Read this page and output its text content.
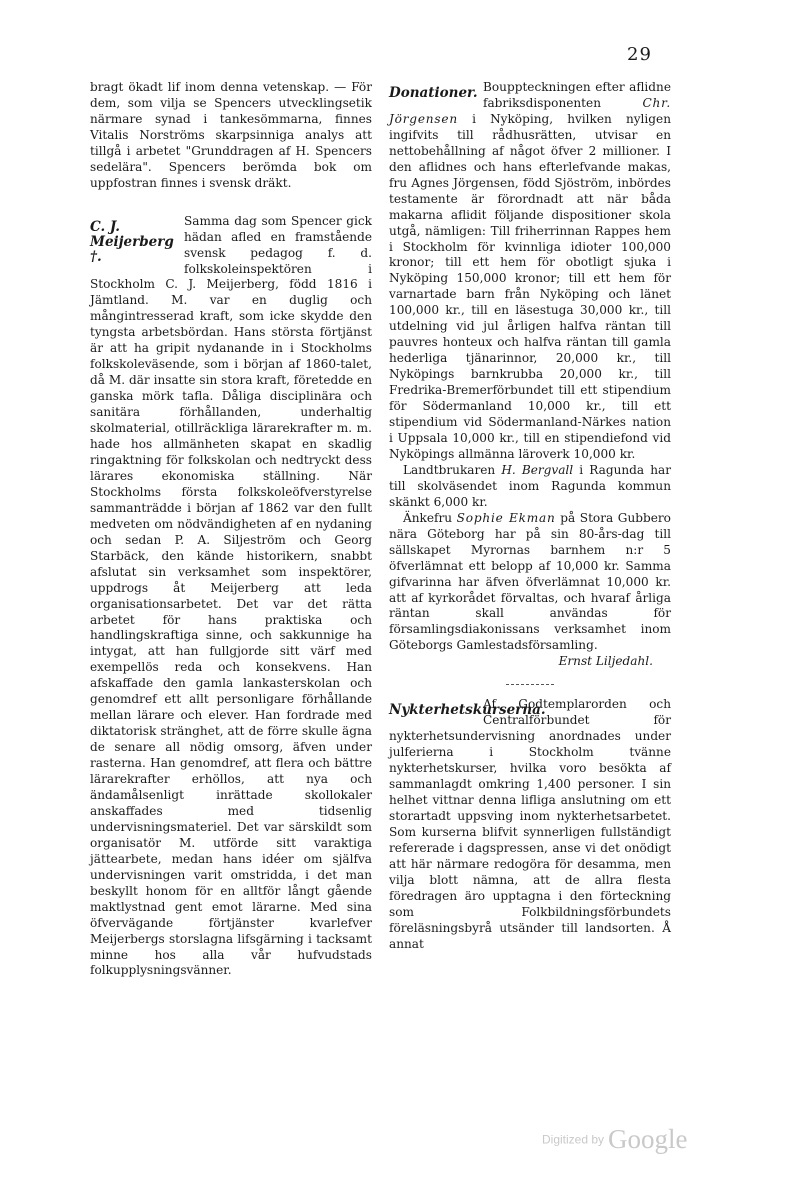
29

bragt ökadt lif inom denna vetenskap. — För dem, som vilja se Spencers utvecklingsetik närmare synad i tankesömmarna, finnes Vitalis Norströms skarpsinniga analys att tillgå i arbetet "Grunddragen af H. Spencers sedelära". Spencers berömda bok om uppfostran finnes i svensk dräkt.

C. J. Meijerberg †.

Samma dag som Spencer gick hädan afled en framstående svensk pedagog f. d. folkskoleinspektören i Stockholm C. J. Meijerberg, född 1816 i Jämtland. M. var en duglig och mångintresserad kraft, som icke skydde den tyngsta arbetsbördan. Hans största förtjänst är att ha gripit nydanande in i Stockholms folkskoleväsende, som i början af 1860-talet, då M. där insatte sin stora kraft, företedde en ganska mörk tafla. Dåliga disciplinära och sanitära förhållanden, underhaltig skolmaterial, otillräckliga lärarekrafter m. m. hade hos allmänheten skapat en skadlig ringaktning för folkskolan och nedtryckt dess lärares ekonomiska ställning. När Stockholms första folkskoleöfverstyrelse sammanträdde i början af 1862 var den fullt medveten om nödvändigheten af en nydaning och sedan P. A. Siljeström och Georg Starbäck, den kände historikern, snabbt afslutat sin verksamhet som inspektörer, uppdrogs åt Meijerberg att leda organisationsarbetet. Det var det rätta arbetet för hans praktiska och handlingskraftiga sinne, och sakkunnige ha intygat, att han fullgjorde sitt värf med exempellös reda och konsekvens. Han afskaffade den gamla lankasterskolan och genomdref ett allt personligare förhållande mellan lärare och elever. Han fordrade med diktatorisk stränghet, att de förre skulle ägna de senare all nödig omsorg, äfven under rasterna. Han genomdref, att flera och bättre lärarekrafter erhöllos, att nya och ändamålsenligt inrättade skollokaler anskaffades med tidsenlig undervisningsmateriel. Det var särskildt som organisatör M. utförde sitt varaktiga jättearbete, medan hans idéer om själfva undervisningen varit omstridda, i det man beskyllt honom för en alltför långt gående maktlystnad gent emot lärarne. Med sina öfvervägande förtjänster kvarlefver Meijerbergs storslagna lifsgärning i tacksamt minne hos alla vår hufvudstads folkupplysningsvänner.

Donationer. Bouppteckningen efter aflidne fabriksdisponenten	Chr. Jörgensen i Nyköping, hvilken nyligen ingifvits till rådhusrätten, utvisar en nettobehållning af något öfver 2 millioner. I den aflidnes och hans efterlefvande makas, fru Agnes Jörgensen, född Sjöström, inbördes testamente är förordnadt att när båda makarna aflidit följande dispositioner skola utgå, nämligen: Till friherrinnan Rappes hem i Stockholm för kvinnliga idioter 100,000 kronor; till ett hem för obotligt sjuka i Nyköping 150,000 kronor; till ett hem för varnartade barn från Nyköping och länet 100,000 kr., till en läsestuga 30,000 kr., till utdelning vid jul årligen halfva räntan till pauvres honteux och halfva räntan till gamla hederliga tjänarinnor, 20,000 kr., till Nyköpings barnkrubba 20,000 kr., till Fredrika-Bremerförbundet till ett stipendium för Södermanland 10,000 kr., till ett stipendium vid Södermanland-Närkes nation i Uppsala 10,000 kr., till en stipendiefond vid Nyköpings allmänna läroverk 10,000 kr.

Landtbrukaren H. Bergvall i Ragunda har till skolväsendet inom Ragunda kommun skänkt 6,000 kr.

Änkefru Sophie Ekman på Stora Gubbero nära Göteborg har på sin 80-års-dag till sällskapet Myrornas barnhem n:r 5 öfverlämnat ett belopp af 10,000 kr. Samma gifvarinna har äfven öfverlämnat 10,000 kr. att af kyrkorådet förvaltas, och hvaraf årliga räntan skall användas för församlingsdiakonissans verksamhet inom Göteborgs Gamlestadsförsamling.

Ernst Liljedahl.

Nykterhetskurserna.

Af Godtemplarorden och Centralförbundet för nykterhetsundervisning anordnades under julferierna i Stockholm tvänne nykterhetskurser, hvilka voro besökta af sammanlagdt omkring 1,400 personer. I sin helhet vittnar denna lifliga anslutning om ett storartadt uppsving inom nykterhetsarbetet. Som kurserna blifvit synnerligen fullständigt refererade i dagspressen, anse vi det onödigt att här närmare redogöra för desamma, men vilja blott nämna, att de allra flesta föredragen äro upptagna i den förteckning som Folkbildningsförbundets föreläsningsbyrå utsänder till landsorten. Å annat

Digitized by Google
